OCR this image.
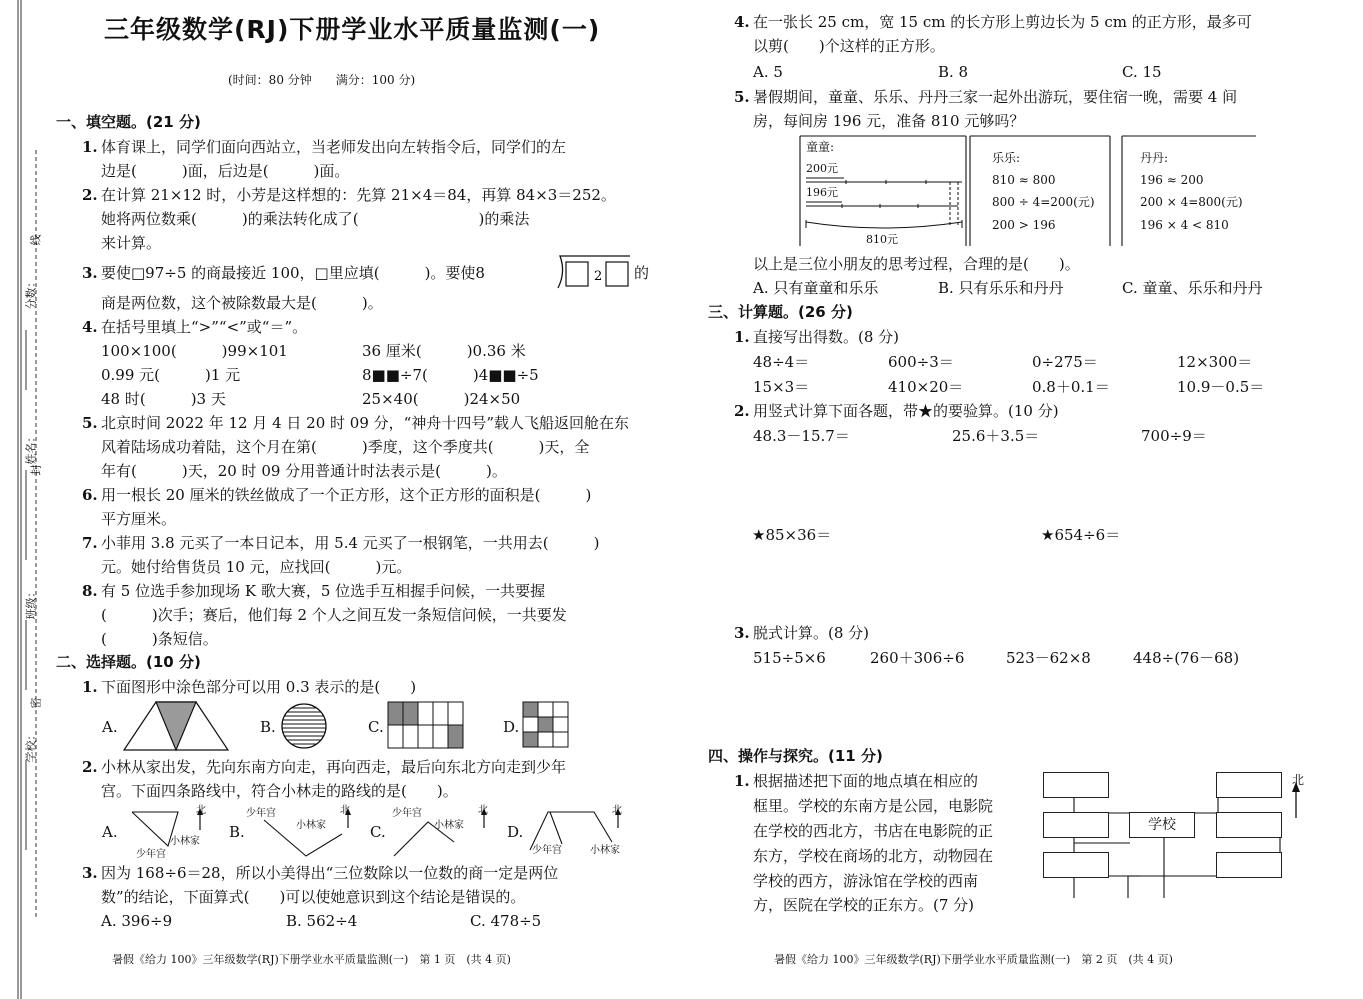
分数：
线
姓名：
封
班级：
密
学校：
三年级数学(RJ)下册学业水平质量监测(一)
(时间：80 分钟　　满分：100 分)
一、填空题。(21 分)
1. 体育课上，同学们面向西站立，当老师发出向左转指令后，同学们的左
边是(　　　)面，后边是(　　　)面。
2. 在计算 21×12 时，小芳是这样想的：先算 21×4＝84，再算 84×3＝252。
她将两位数乘(　　　)的乘法转化成了(　　　　　　　　)的乘法
来计算。
3. 要使□97÷5 的商最接近 100，□里应填(　　　)。要使8	2 的
商是两位数，这个被除数最大是(　　　)。
4. 在括号里填上“>”“<”或“＝”。
100×100(　　　)99×101	36 厘米(　　　)0.36 米
0.99 元(　　　)1 元	8■■÷7(　　　)4■■÷5
48 时(　　　)3 天	25×40(　　　)24×50
5. 北京时间 2022 年 12 月 4 日 20 时 09 分，“神舟十四号”载人飞船返回舱在东
风着陆场成功着陆，这个月在第(　　　)季度，这个季度共(　　　)天，全
年有(　　　)天，20 时 09 分用普通计时法表示是(　　　)。
6. 用一根长 20 厘米的铁丝做成了一个正方形，这个正方形的面积是(　　　)
平方厘米。
7. 小菲用 3.8 元买了一本日记本，用 5.4 元买了一根钢笔，一共用去(　　　)
元。她付给售货员 10 元，应找回(　　　)元。
8. 有 5 位选手参加现场 K 歌大赛，5 位选手互相握手问候，一共要握
(　　　)次手；赛后，他们每 2 个人之间互发一条短信问候，一共要发
(　　　)条短信。
二、选择题。(10 分)
1. 下面图形中涂色部分可以用 0.3 表示的是(　　)
A.	B.	C.	D.
2. 小林从家出发，先向东南方向走，再向西走，最后向东北方向走到少年
宫。下面四条路线中，符合小林走的路线的是(　　)。
A.
北
小林家
少年宫
B.
北
少年宫
小林家	C.
北
少年宫
小林家	D.
北
少年宫	小林家
3. 因为 168÷6＝28，所以小美得出“三位数除以一位数的商一定是两位
数”的结论，下面算式(　　)可以使她意识到这个结论是错误的。
A. 396÷9	B. 562÷4	C. 478÷5
暑假《给力 100》三年级数学(RJ)下册学业水平质量监测(一)　第 1 页　(共 4 页)
4. 在一张长 25 cm，宽 15 cm 的长方形上剪边长为 5 cm 的正方形，最多可
以剪(　　)个这样的正方形。
A. 5	B. 8	C. 15
5. 暑假期间，童童、乐乐、丹丹三家一起外出游玩，要住宿一晚，需要 4 间
房，每间房 196 元，准备 810 元够吗？
童童:
200元
196元
810元
乐乐:
810 ≈ 800
800 ÷ 4=200(元)
200 > 196
丹丹:
196 ≈ 200
200 × 4=800(元)
196 × 4 < 810
以上是三位小朋友的思考过程，合理的是(　　)。
A. 只有童童和乐乐	B. 只有乐乐和丹丹	C. 童童、乐乐和丹丹
三、计算题。(26 分)
1. 直接写出得数。(8 分)
48÷4＝	600÷3＝	0÷275＝	12×300＝
15×3＝	410×20＝	0.8＋0.1＝	10.9－0.5＝
2. 用竖式计算下面各题，带★的要验算。(10 分)
48.3－15.7＝	25.6＋3.5＝	700÷9＝
★85×36＝	★654÷6＝
3. 脱式计算。(8 分)
515÷5×6	260＋306÷6	523－62×8	448÷(76－68)
四、操作与探究。(11 分)
1. 根据描述把下面的地点填在相应的
框里。学校的东南方是公园，电影院
在学校的西北方，书店在电影院的正
东方，学校在商场的北方，动物园在
学校的西方，游泳馆在学校的西南
方，医院在学校的正东方。(7 分)
学校
北
暑假《给力 100》三年级数学(RJ)下册学业水平质量监测(一)　第 2 页　(共 4 页)
